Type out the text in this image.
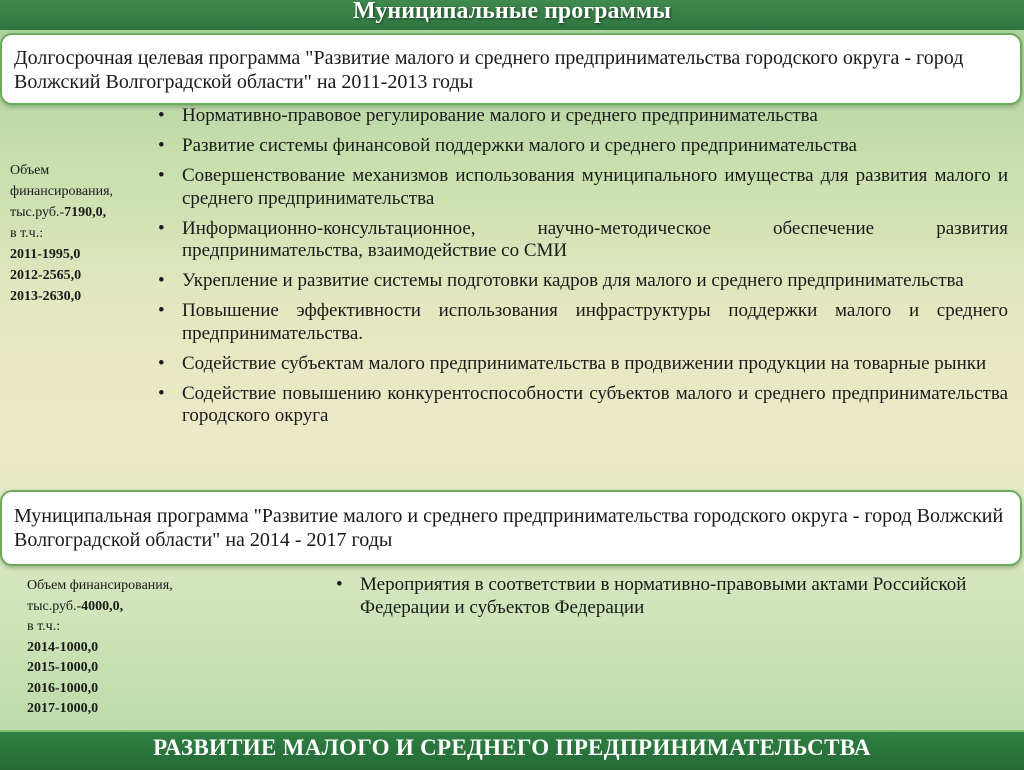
Муниципальные программы
Долгосрочная целевая программа "Развитие малого и среднего предпринимательства городского округа - город Волжский Волгоградской области" на 2011-2013 годы
Объем
финансирования,
тыс.руб.-7190,0,
в т.ч.:
2011-1995,0
2012-2565,0
2013-2630,0
• Нормативно-правовое регулирование малого и среднего предпринимательства
• Развитие системы финансовой поддержки малого и среднего предпринимательства
• Совершенствование механизмов использования муниципального имущества для развития малого и среднего предпринимательства
• Информационно-консультационное, научно-методическое обеспечение развития предпринимательства, взаимодействие со СМИ
• Укрепление и развитие системы подготовки кадров для малого и среднего предпринимательства
• Повышение эффективности использования инфраструктуры поддержки малого и среднего предпринимательства.
• Содействие субъектам малого предпринимательства в продвижении продукции на товарные рынки
• Содействие повышению конкурентоспособности субъектов малого и среднего предпринимательства городского округа
Муниципальная программа "Развитие малого и среднего предпринимательства городского округа - город Волжский Волгоградской области" на 2014 - 2017 годы
Объем финансирования,
тыс.руб.-4000,0,
в т.ч.:
2014-1000,0
2015-1000,0
2016-1000,0
2017-1000,0
• Мероприятия в соответствии в нормативно-правовыми актами Российской Федерации и субъектов Федерации
РАЗВИТИЕ МАЛОГО И СРЕДНЕГО ПРЕДПРИНИМАТЕЛЬСТВА
